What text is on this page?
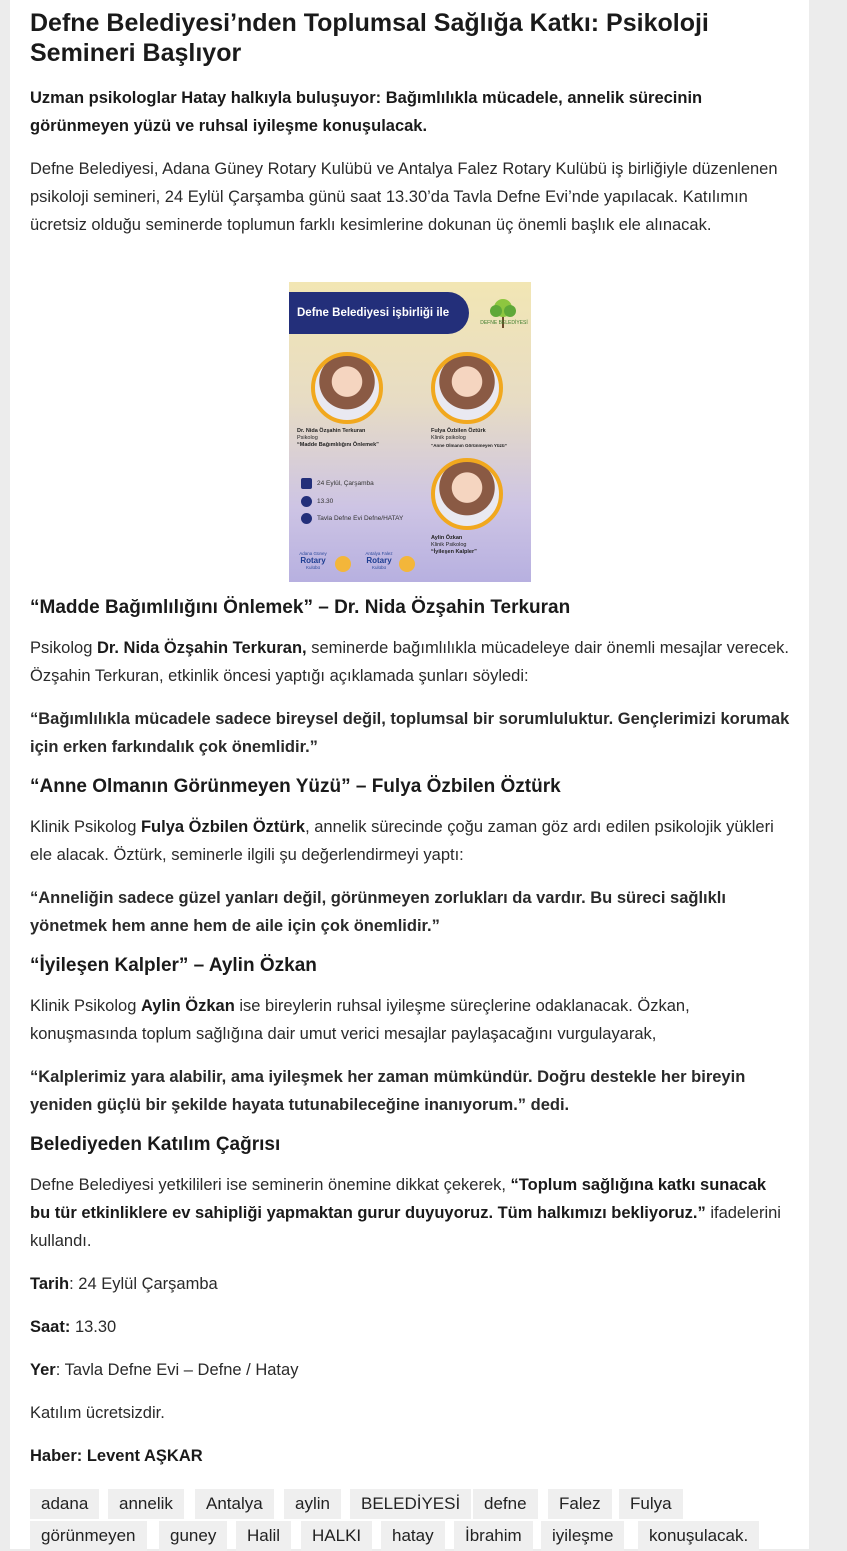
Defne Belediyesi’nden Toplumsal Sağlığa Katkı: Psikoloji Semineri Başlıyor

Uzman psikologlar Hatay halkıyla buluşuyor: Bağımlılıkla mücadele, annelik sürecinin görünmeyen yüzü ve ruhsal iyileşme konuşulacak.

Defne Belediyesi, Adana Güney Rotary Kulübü ve Antalya Falez Rotary Kulübü iş birliğiyle düzenlenen psikoloji semineri, 24 Eylül Çarşamba günü saat 13.30’da Tavla Defne Evi’nde yapılacak. Katılımın ücretsiz olduğu seminerde toplumun farklı kesimlerine dokunan üç önemli başlık ele alınacak.

Defne Belediyesi işbirliği ile
DEFNE BELEDİYESİ
Dr. Nida Özşahin Terkuran
Psikolog
“Madde Bağımlılığını Önlemek”
Fulya Özbilen Öztürk
Klinik psikolog
“Anne Olmanın Görünmeyen Yüzü”
Aylin Özkan
Klinik Psikolog
“İyileşen Kalpler”
24 Eylül, Çarşamba
13.30
Tavla Defne Evi Defne/HATAY
Adana Güney
Rotary
Kulübü
Antalya Falez
Rotary
Kulübü
“Madde Bağımlılığını Önlemek” – Dr. Nida Özşahin Terkuran

Psikolog Dr. Nida Özşahin Terkuran, seminerde bağımlılıkla mücadeleye dair önemli mesajlar verecek. Özşahin Terkuran, etkinlik öncesi yaptığı açıklamada şunları söyledi:

“Bağımlılıkla mücadele sadece bireysel değil, toplumsal bir sorumluluktur. Gençlerimizi korumak için erken farkındalık çok önemlidir.”

“Anne Olmanın Görünmeyen Yüzü” – Fulya Özbilen Öztürk

Klinik Psikolog Fulya Özbilen Öztürk, annelik sürecinde çoğu zaman göz ardı edilen psikolojik yükleri ele alacak. Öztürk, seminerle ilgili şu değerlendirmeyi yaptı:

“Anneliğin sadece güzel yanları değil, görünmeyen zorlukları da vardır. Bu süreci sağlıklı yönetmek hem anne hem de aile için çok önemlidir.”

“İyileşen Kalpler” – Aylin Özkan

Klinik Psikolog Aylin Özkan ise bireylerin ruhsal iyileşme süreçlerine odaklanacak. Özkan, konuşmasında toplum sağlığına dair umut verici mesajlar paylaşacağını vurgulayarak,

“Kalplerimiz yara alabilir, ama iyileşmek her zaman mümkündür. Doğru destekle her bireyin yeniden güçlü bir şekilde hayata tutunabileceğine inanıyorum.” dedi.

Belediyeden Katılım Çağrısı

Defne Belediyesi yetkilileri ise seminerin önemine dikkat çekerek, “Toplum sağlığına katkı sunacak bu tür etkinliklere ev sahipliği yapmaktan gurur duyuyoruz. Tüm halkımızı bekliyoruz.” ifadelerini kullandı.

Tarih: 24 Eylül Çarşamba

Saat: 13.30

Yer: Tavla Defne Evi – Defne / Hatay

Katılım ücretsizdir.

Haber: Levent AŞKAR

adana	annelik	Antalya	aylin	BELEDİYESİ	defne	Falez	Fulya
görünmeyen	guney	Halil	HALKI	hatay	İbrahim	iyileşme	konuşulacak.
